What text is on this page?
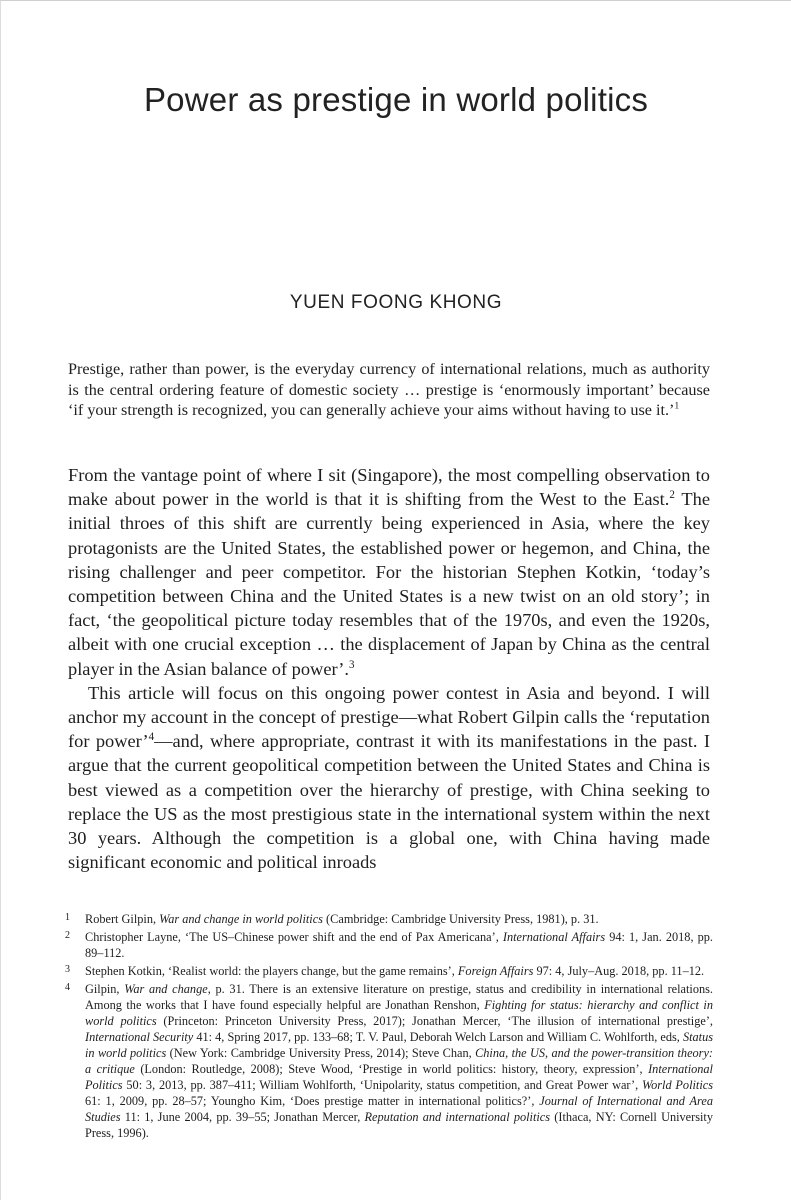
Power as prestige in world politics
YUEN FOONG KHONG

Prestige, rather than power, is the everyday currency of international relations, much as authority is the central ordering feature of domestic society … prestige is ‘enormously important’ because ‘if your strength is recognized, you can generally achieve your aims without having to use it.’$^1$

From the vantage point of where I sit (Singapore), the most compelling observation to make about power in the world is that it is shifting from the West to the East.$^2$ The initial throes of this shift are currently being experienced in Asia, where the key protagonists are the United States, the established power or hegemon, and China, the rising challenger and peer competitor. For the historian Stephen Kotkin, ‘today’s competition between China and the United States is a new twist on an old story’; in fact, ‘the geopolitical picture today resembles that of the 1970s, and even the 1920s, albeit with one crucial exception … the displacement of Japan by China as the central player in the Asian balance of power’.$^3$

This article will focus on this ongoing power contest in Asia and beyond. I will anchor my account in the concept of prestige—what Robert Gilpin calls the ‘reputation for power’$^4$—and, where appropriate, contrast it with its manifestations in the past. I argue that the current geopolitical competition between the United States and China is best viewed as a competition over the hierarchy of prestige, with China seeking to replace the US as the most prestigious state in the international system within the next 30 years. Although the competition is a global one, with China having made significant economic and political inroads

1 Robert Gilpin, War and change in world politics (Cambridge: Cambridge University Press, 1981), p. 31.
2 Christopher Layne, ‘The US–Chinese power shift and the end of Pax Americana’, International Affairs 94: 1, Jan. 2018, pp. 89–112.
3 Stephen Kotkin, ‘Realist world: the players change, but the game remains’, Foreign Affairs 97: 4, July–Aug. 2018, pp. 11–12.
4 Gilpin, War and change, p. 31. There is an extensive literature on prestige, status and credibility in international relations. Among the works that I have found especially helpful are Jonathan Renshon, Fighting for status: hierarchy and conflict in world politics (Princeton: Princeton University Press, 2017); Jonathan Mercer, ‘The illusion of international prestige’, International Security 41: 4, Spring 2017, pp. 133–68; T. V. Paul, Deborah Welch Larson and William C. Wohlforth, eds, Status in world politics (New York: Cambridge University Press, 2014); Steve Chan, China, the US, and the power-transition theory: a critique (London: Routledge, 2008); Steve Wood, ‘Prestige in world politics: history, theory, expression’, International Politics 50: 3, 2013, pp. 387–411; William Wohlforth, ‘Unipolarity, status competition, and Great Power war’, World Politics 61: 1, 2009, pp. 28–57; Youngho Kim, ‘Does prestige matter in international politics?’, Journal of International and Area Studies 11: 1, June 2004, pp. 39–55; Jonathan Mercer, Reputation and international politics (Ithaca, NY: Cornell University Press, 1996).
